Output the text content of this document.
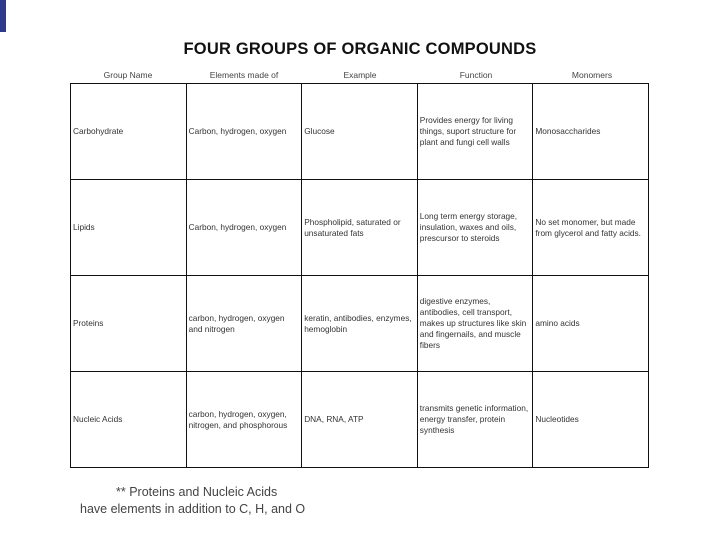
FOUR GROUPS OF ORGANIC COMPOUNDS
Group Name	Elements made of	Example	Function	Monomers
Carbohydrate	Carbon, hydrogen, oxygen	Glucose	Provides energy for living things, suport structure for plant and fungi cell walls	Monosaccharides
Lipids	Carbon, hydrogen, oxygen	Phospholipid, saturated or unsaturated fats	Long term energy storage, insulation, waxes and oils, prescursor to steroids	No set monomer, but made from glycerol and fatty acids.
Proteins	carbon, hydrogen, oxygen and nitrogen	keratin, antibodies, enzymes, hemoglobin	digestive enzymes, antibodies, cell transport, makes up structures like skin and fingernails, and muscle fibers	amino acids
Nucleic Acids	carbon, hydrogen, oxygen, nitrogen, and phosphorous	DNA, RNA, ATP	transmits genetic information, energy transfer, protein synthesis	Nucleotides
** Proteins and Nucleic Acids
have elements in addition to C, H, and O
